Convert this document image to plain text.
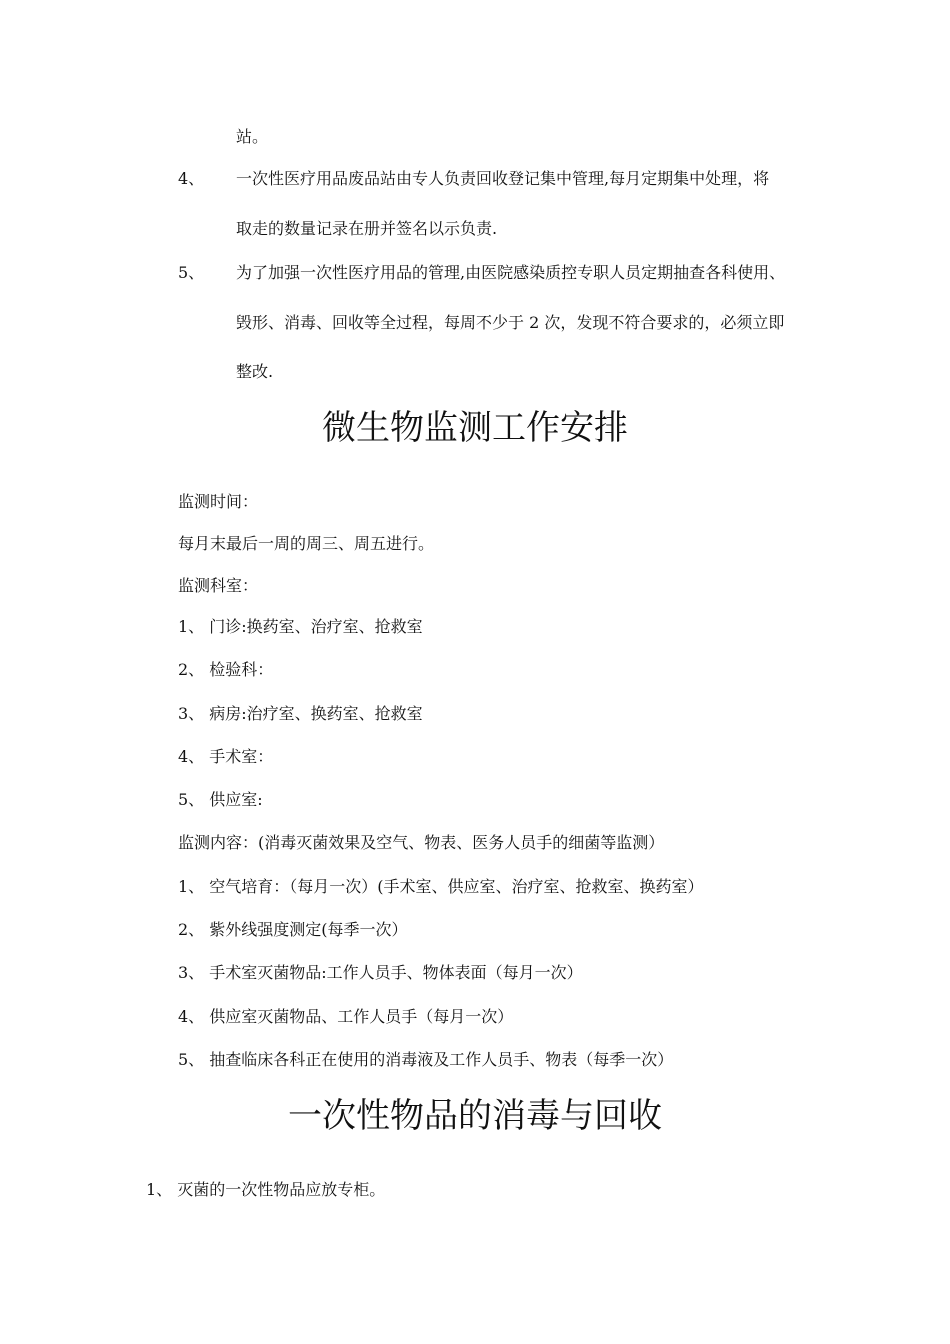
站。
4、 一次性医疗用品废品站由专人负责回收登记集中管理,每月定期集中处理，将
取走的数量记录在册并签名以示负责.
5、 为了加强一次性医疗用品的管理,由医院感染质控专职人员定期抽查各科使用、
毁形、消毒、回收等全过程，每周不少于 2 次，发现不符合要求的，必须立即
整改.
微生物监测工作安排
监测时间：
每月末最后一周的周三、周五进行。
监测科室：
1、 门诊:换药室、治疗室、抢救室
2、 检验科：
3、 病房:治疗室、换药室、抢救室
4、 手术室：
5、 供应室:
监测内容：(消毒灭菌效果及空气、物表、医务人员手的细菌等监测）
1、 空气培育：（每月一次）(手术室、供应室、治疗室、抢救室、换药室）
2、 紫外线强度测定(每季一次）
3、 手术室灭菌物品:工作人员手、物体表面（每月一次）
4、 供应室灭菌物品、工作人员手（每月一次）
5、 抽查临床各科正在使用的消毒液及工作人员手、物表（每季一次）
一次性物品的消毒与回收
1、 灭菌的一次性物品应放专柜。
